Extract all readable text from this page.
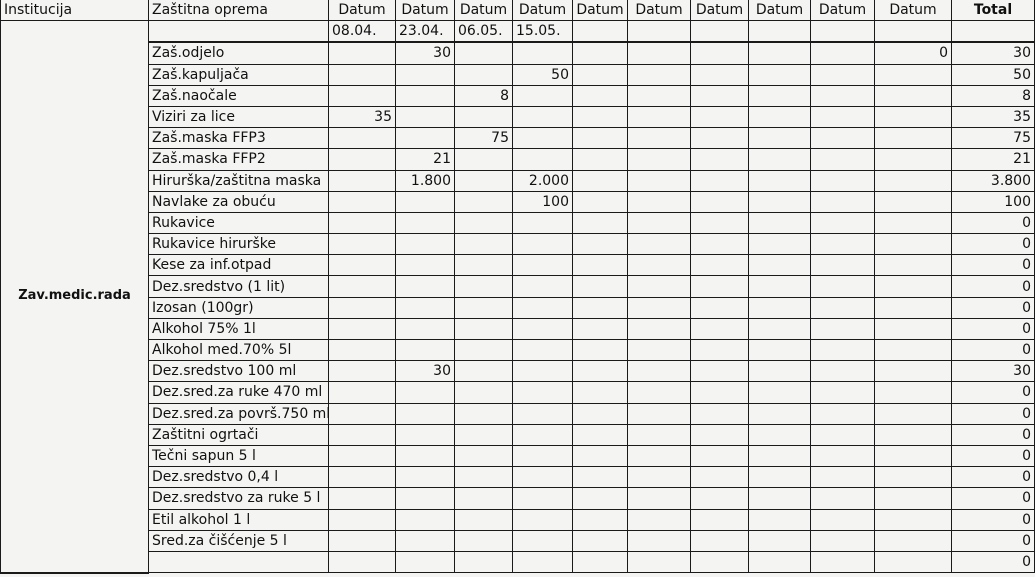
Institucija	Zaštitna oprema	Datum	Datum	Datum	Datum	Datum	Datum	Datum	Datum	Datum	Datum	Total
Zav.medic.rada		08.04.	23.04.	06.05.	15.05.							
	Zaš.odjelo		30								0	30
	Zaš.kapuljača				50							50
	Zaš.naočale			8								8
	Viziri za lice	35										35
	Zaš.maska FFP3			75								75
	Zaš.maska FFP2		21									21
	Hirurška/zaštitna maska		1.800		2.000							3.800
	Navlake za obuću				100							100
	Rukavice											0
	Rukavice hirurške											0
	Kese za inf.otpad											0
	Dez.sredstvo (1 lit)											0
	Izosan (100gr)											0
	Alkohol 75% 1l											0
	Alkohol med.70% 5l											0
	Dez.sredstvo 100 ml		30									30
	Dez.sred.za ruke 470 ml											0
	Dez.sred.za površ.750 ml											0
	Zaštitni ogrtači											0
	Tečni sapun 5 l											0
	Dez.sredstvo 0,4 l											0
	Dez.sredstvo za ruke 5 l											0
	Etil alkohol 1 l											0
	Sred.za čišćenje 5 l											0
												0
